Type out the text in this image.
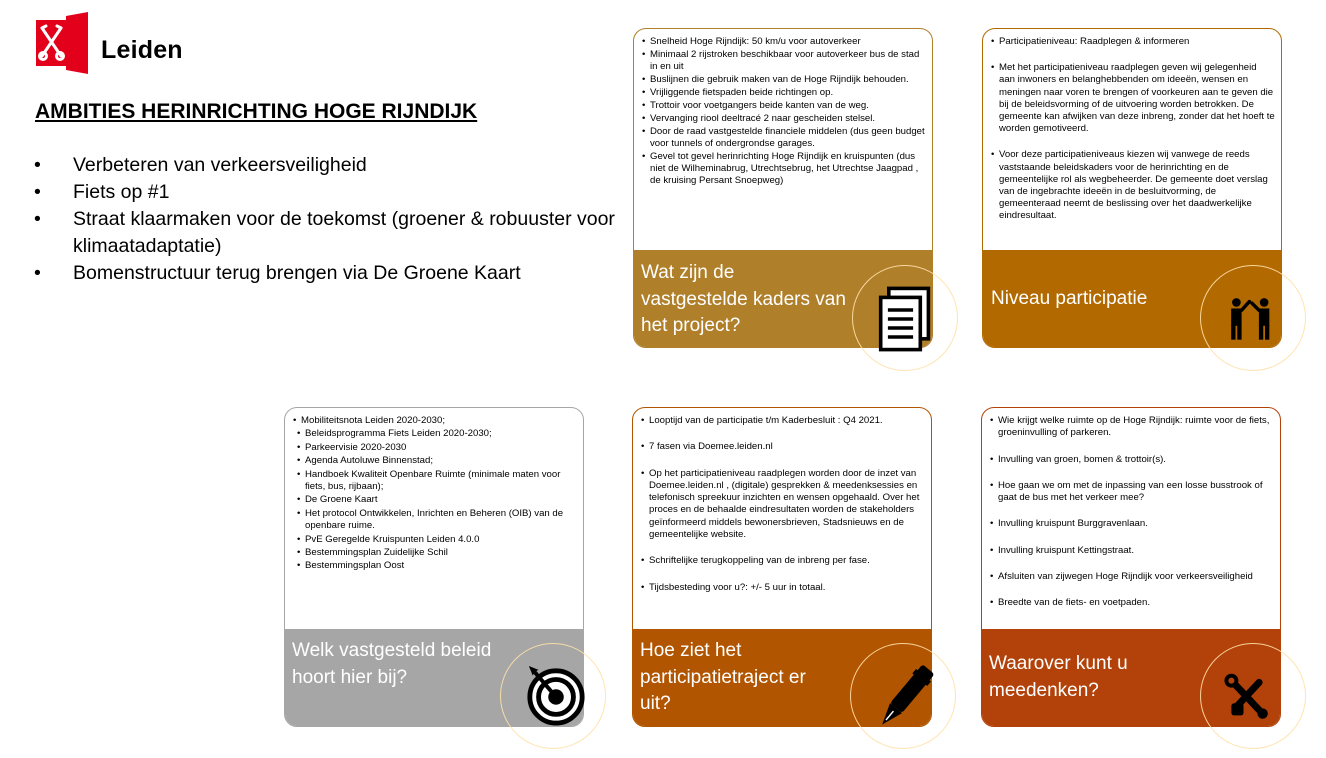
Leiden
AMBITIES HERINRICHTING HOGE RIJNDIJK
• Verbeteren van verkeersveiligheid
• Fiets op #1
• Straat klaarmaken voor de toekomst (groener & robuuster voor klimaatadaptatie)
• Bomenstructuur terug brengen via De Groene Kaart
• Snelheid Hoge Rijndijk: 50 km/u voor autoverkeer
• Minimaal 2 rijstroken beschikbaar voor autoverkeer bus de stad in en uit
• Buslijnen die gebruik maken van de Hoge Rijndijk behouden.
• Vrijliggende fietspaden beide richtingen op.
• Trottoir voor voetgangers beide kanten van de weg.
• Vervanging riool deeltracé 2 naar gescheiden stelsel.
• Door de raad vastgestelde financiele middelen (dus geen budget voor tunnels of ondergrondse garages.
• Gevel tot gevel herinrichting Hoge Rijndijk en kruispunten (dus niet de Wilheminabrug, Utrechtsebrug, het Utrechtse Jaagpad , de kruising Persant Snoepweg)
Wat zijn de vastgestelde kaders van het project?
• Participatieniveau: Raadplegen & informeren
• Met het participatieniveau raadplegen geven wij gelegenheid aan inwoners en belanghebbenden om ideeën, wensen en meningen naar voren te brengen of voorkeuren aan te geven die bij de beleidsvorming of de uitvoering worden betrokken. De gemeente kan afwijken van deze inbreng, zonder dat het hoeft te worden gemotiveerd.
• Voor deze participatieniveaus kiezen wij vanwege de reeds vaststaande beleidskaders voor de herinrichting en de gemeentelijke rol als wegbeheerder. De gemeente doet verslag van de ingebrachte ideeën in de besluitvorming, de gemeenteraad neemt de beslissing over het daadwerkelijke eindresultaat.
Niveau participatie
• Mobiliteitsnota Leiden 2020-2030;
• Beleidsprogramma Fiets Leiden 2020-2030;
• Parkeervisie 2020-2030
• Agenda Autoluwe Binnenstad;
• Handboek Kwaliteit Openbare Ruimte (minimale maten voor fiets, bus, rijbaan);
• De Groene Kaart
• Het protocol Ontwikkelen, Inrichten en Beheren (OIB) van de openbare ruime.
• PvE Geregelde Kruispunten Leiden 4.0.0
• Bestemmingsplan Zuidelijke Schil
• Bestemmingsplan Oost
Welk vastgesteld beleid hoort hier bij?
• Looptijd van de participatie t/m Kaderbesluit : Q4 2021.
• 7 fasen via Doemee.leiden.nl
• Op het participatieniveau raadplegen worden door de inzet van Doemee.leiden.nl , (digitale) gesprekken & meedenksessies en telefonisch spreekuur inzichten en wensen opgehaald. Over het proces en de behaalde eindresultaten worden de stakeholders geïnformeerd middels bewonersbrieven, Stadsnieuws en de gemeentelijke website.
• Schriftelijke terugkoppeling van de inbreng per fase.
• Tijdsbesteding voor u?: +/- 5 uur in totaal.
Hoe ziet het participatietraject er uit?
• Wie krijgt welke ruimte op de Hoge Rijndijk: ruimte voor de fiets, groeninvulling of parkeren.
• Invulling van groen, bomen & trottoir(s).
• Hoe gaan we om met de inpassing van een losse busstrook of gaat de bus met het verkeer mee?
• Invulling kruispunt Burggravenlaan.
• Invulling kruispunt Kettingstraat.
• Afsluiten van zijwegen Hoge Rijndijk voor verkeersveiligheid
• Breedte van de fiets- en voetpaden.
Waarover kunt u meedenken?
